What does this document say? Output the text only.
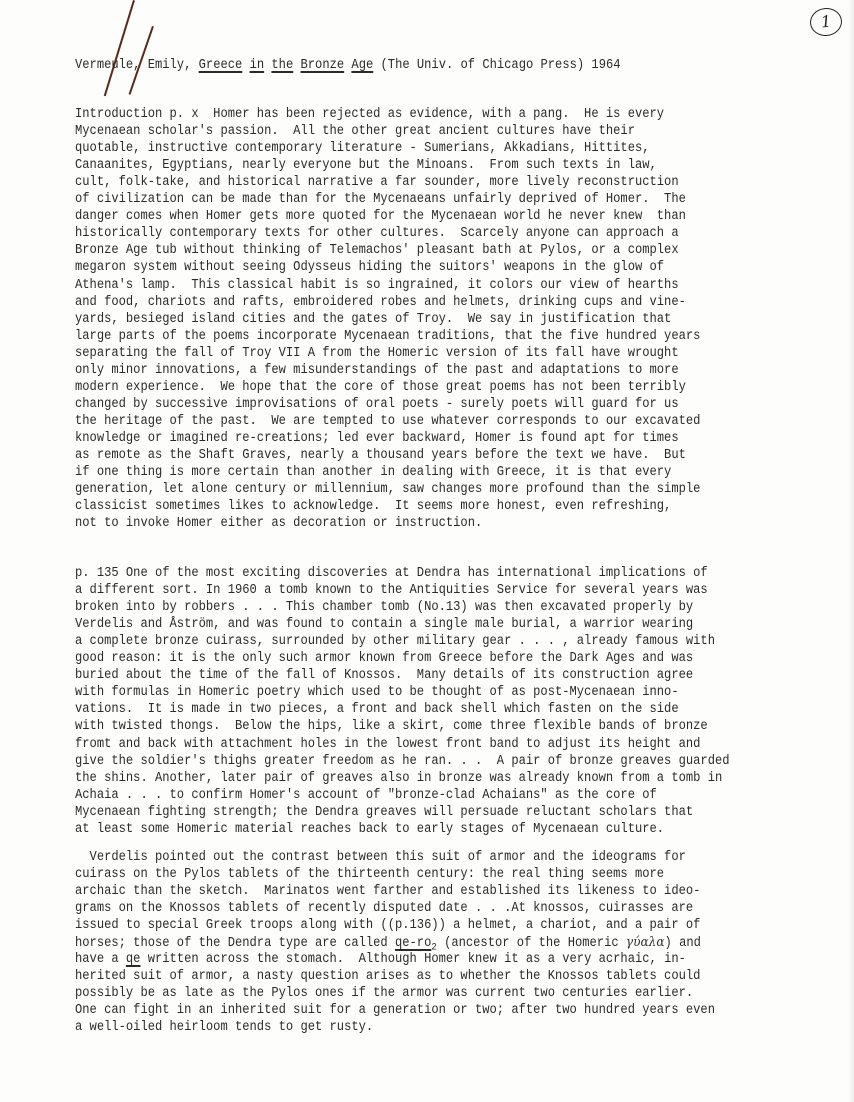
1
Vermeule, Emily, Greece in the Bronze Age (The Univ. of Chicago Press) 1964
Introduction p. x  Homer has been rejected as evidence, with a pang.  He is every
Mycenaean scholar's passion.  All the other great ancient cultures have their
quotable, instructive contemporary literature - Sumerians, Akkadians, Hittites,
Canaanites, Egyptians, nearly everyone but the Minoans.  From such texts in law,
cult, folk-take, and historical narrative a far sounder, more lively reconstruction
of civilization can be made than for the Mycenaeans unfairly deprived of Homer.  The
danger comes when Homer gets more quoted for the Mycenaean world he never knew  than
historically contemporary texts for other cultures.  Scarcely anyone can approach a
Bronze Age tub without thinking of Telemachos' pleasant bath at Pylos, or a complex
megaron system without seeing Odysseus hiding the suitors' weapons in the glow of
Athena's lamp.  This classical habit is so ingrained, it colors our view of hearths
and food, chariots and rafts, embroidered robes and helmets, drinking cups and vine-
yards, besieged island cities and the gates of Troy.  We say in justification that
large parts of the poems incorporate Mycenaean traditions, that the five hundred years
separating the fall of Troy VII A from the Homeric version of its fall have wrought
only minor innovations, a few misunderstandings of the past and adaptations to more
modern experience.  We hope that the core of those great poems has not been terribly
changed by successive improvisations of oral poets - surely poets will guard for us
the heritage of the past.  We are tempted to use whatever corresponds to our excavated
knowledge or imagined re-creations; led ever backward, Homer is found apt for times
as remote as the Shaft Graves, nearly a thousand years before the text we have.  But
if one thing is more certain than another in dealing with Greece, it is that every
generation, let alone century or millennium, saw changes more profound than the simple
classicist sometimes likes to acknowledge.  It seems more honest, even refreshing,
not to invoke Homer either as decoration or instruction.
p. 135 One of the most exciting discoveries at Dendra has international implications of
a different sort. In 1960 a tomb known to the Antiquities Service for several years was
broken into by robbers . . . This chamber tomb (No.13) was then excavated properly by
Verdelis and Åström, and was found to contain a single male burial, a warrior wearing
a complete bronze cuirass, surrounded by other military gear . . . , already famous with
good reason: it is the only such armor known from Greece before the Dark Ages and was
buried about the time of the fall of Knossos.  Many details of its construction agree
with formulas in Homeric poetry which used to be thought of as post-Mycenaean inno-
vations.  It is made in two pieces, a front and back shell which fasten on the side
with twisted thongs.  Below the hips, like a skirt, come three flexible bands of bronze
fromt and back with attachment holes in the lowest front band to adjust its height and
give the soldier's thighs greater freedom as he ran. . .  A pair of bronze greaves guarded
the shins. Another, later pair of greaves also in bronze was already known from a tomb in
Achaia . . . to confirm Homer's account of "bronze-clad Achaians" as the core of
Mycenaean fighting strength; the Dendra greaves will persuade reluctant scholars that
at least some Homeric material reaches back to early stages of Mycenaean culture.
Verdelis pointed out the contrast between this suit of armor and the ideograms for
cuirass on the Pylos tablets of the thirteenth century: the real thing seems more
archaic than the sketch.  Marinatos went farther and established its likeness to ideo-
grams on the Knossos tablets of recently disputed date . . .At knossos, cuirasses are
issued to special Greek troops along with ((p.136)) a helmet, a chariot, and a pair of
horses; those of the Dendra type are called $qe-ro_2$ (ancestor of the Homeric γύαλα) and
have a qe written across the stomach.  Although Homer knew it as a very acrhaic, in-
herited suit of armor, a nasty question arises as to whether the Knossos tablets could
possibly be as late as the Pylos ones if the armor was current two centuries earlier.
One can fight in an inherited suit for a generation or two; after two hundred years even
a well-oiled heirloom tends to get rusty.
